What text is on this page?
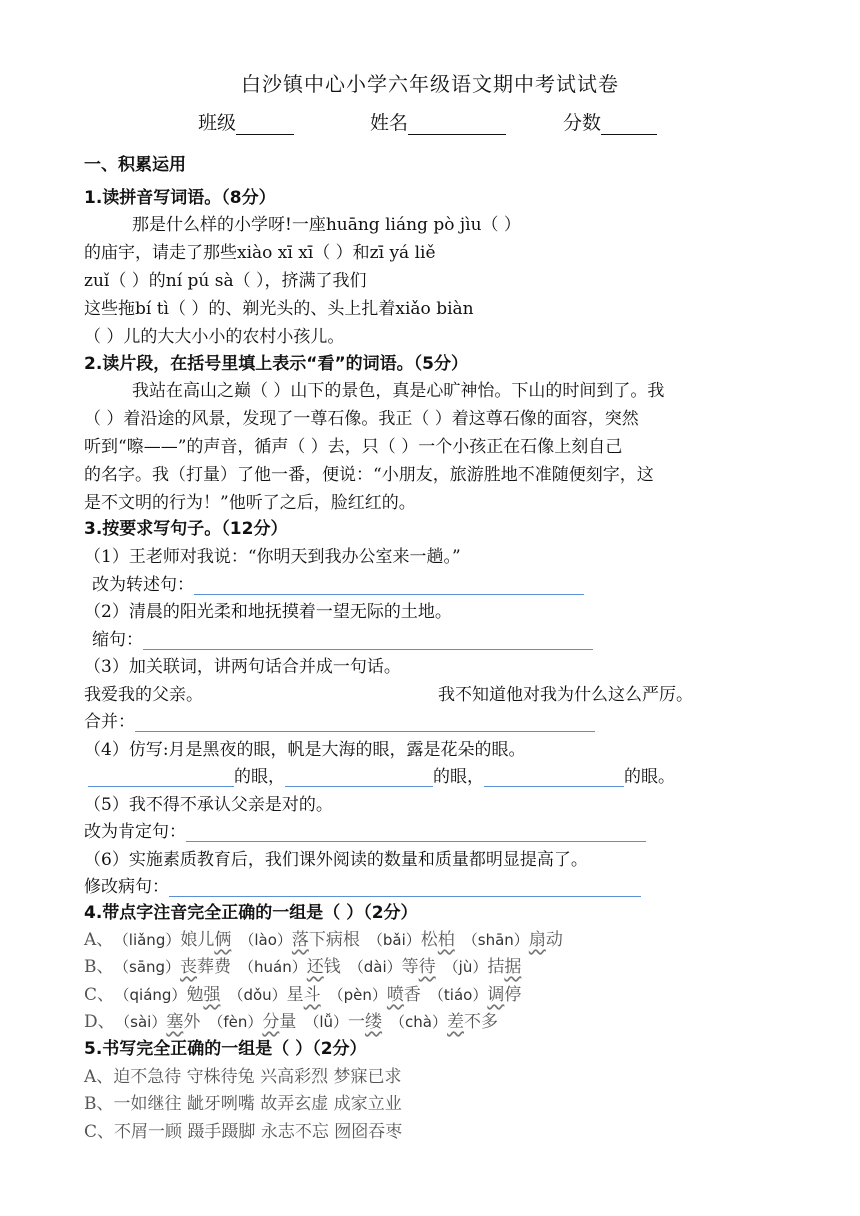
白沙镇中心小学六年级语文期中考试试卷
班级	姓名	分数
一、积累运用
1.读拼音写词语。（8分）
那是什么样的小学呀!一座huāng liáng pò jìu（ ）
的庙宇，请走了那些xiào xī xī（ ）和zī yá liě
zuǐ（ ）的ní pú sà（ ），挤满了我们
这些拖bí tì（ ）的、剃光头的、头上扎着xiǎo biàn
（ ）儿的大大小小的农村小孩儿。
2.读片段，在括号里填上表示“看”的词语。（5分）
我站在高山之巅（ ）山下的景色，真是心旷神怡。下山的时间到了。我
（ ）着沿途的风景，发现了一尊石像。我正（ ）着这尊石像的面容，突然
听到“嚓——”的声音，循声（ ）去，只（ ）一个小孩正在石像上刻自己
的名字。我（打量）了他一番，便说：“小朋友，旅游胜地不准随便刻字，这
是不文明的行为！”他听了之后，脸红红的。
3.按要求写句子。（12分）
（1）王老师对我说：“你明天到我办公室来一趟。”
改为转述句：
（2）清晨的阳光柔和地抚摸着一望无际的土地。
缩句：
（3）加关联词，讲两句话合并成一句话。
我爱我的父亲。	我不知道他对我为什么这么严厉。
合并：
（4）仿写:月是黑夜的眼，帆是大海的眼，露是花朵的眼。
的眼，	的眼，	的眼。
（5）我不得不承认父亲是对的。
改为肯定句：
（6）实施素质教育后，我们课外阅读的数量和质量都明显提高了。
修改病句：
4.带点字注音完全正确的一组是（ ）（2分）
A、 （liǎng）娘儿俩 （lào）落下病根 （bǎi）松柏 （shān）扇动
B、 （sāng）丧葬费 （huán）还钱 （dài）等待 （jù）拮据
C、 （qiáng）勉强 （dǒu）星斗 （pèn）喷香 （tiáo）调停
D、 （sài）塞外 （fèn）分量 （lǚ）一缕 （chà）差不多
5.书写完全正确的一组是（ ）（2分）
A、迫不急待 守株待兔 兴高彩烈 梦寐已求
B、一如继往 龇牙咧嘴 故弄玄虚 成家立业
C、不屑一顾 蹑手蹑脚 永志不忘 囫囵吞枣
